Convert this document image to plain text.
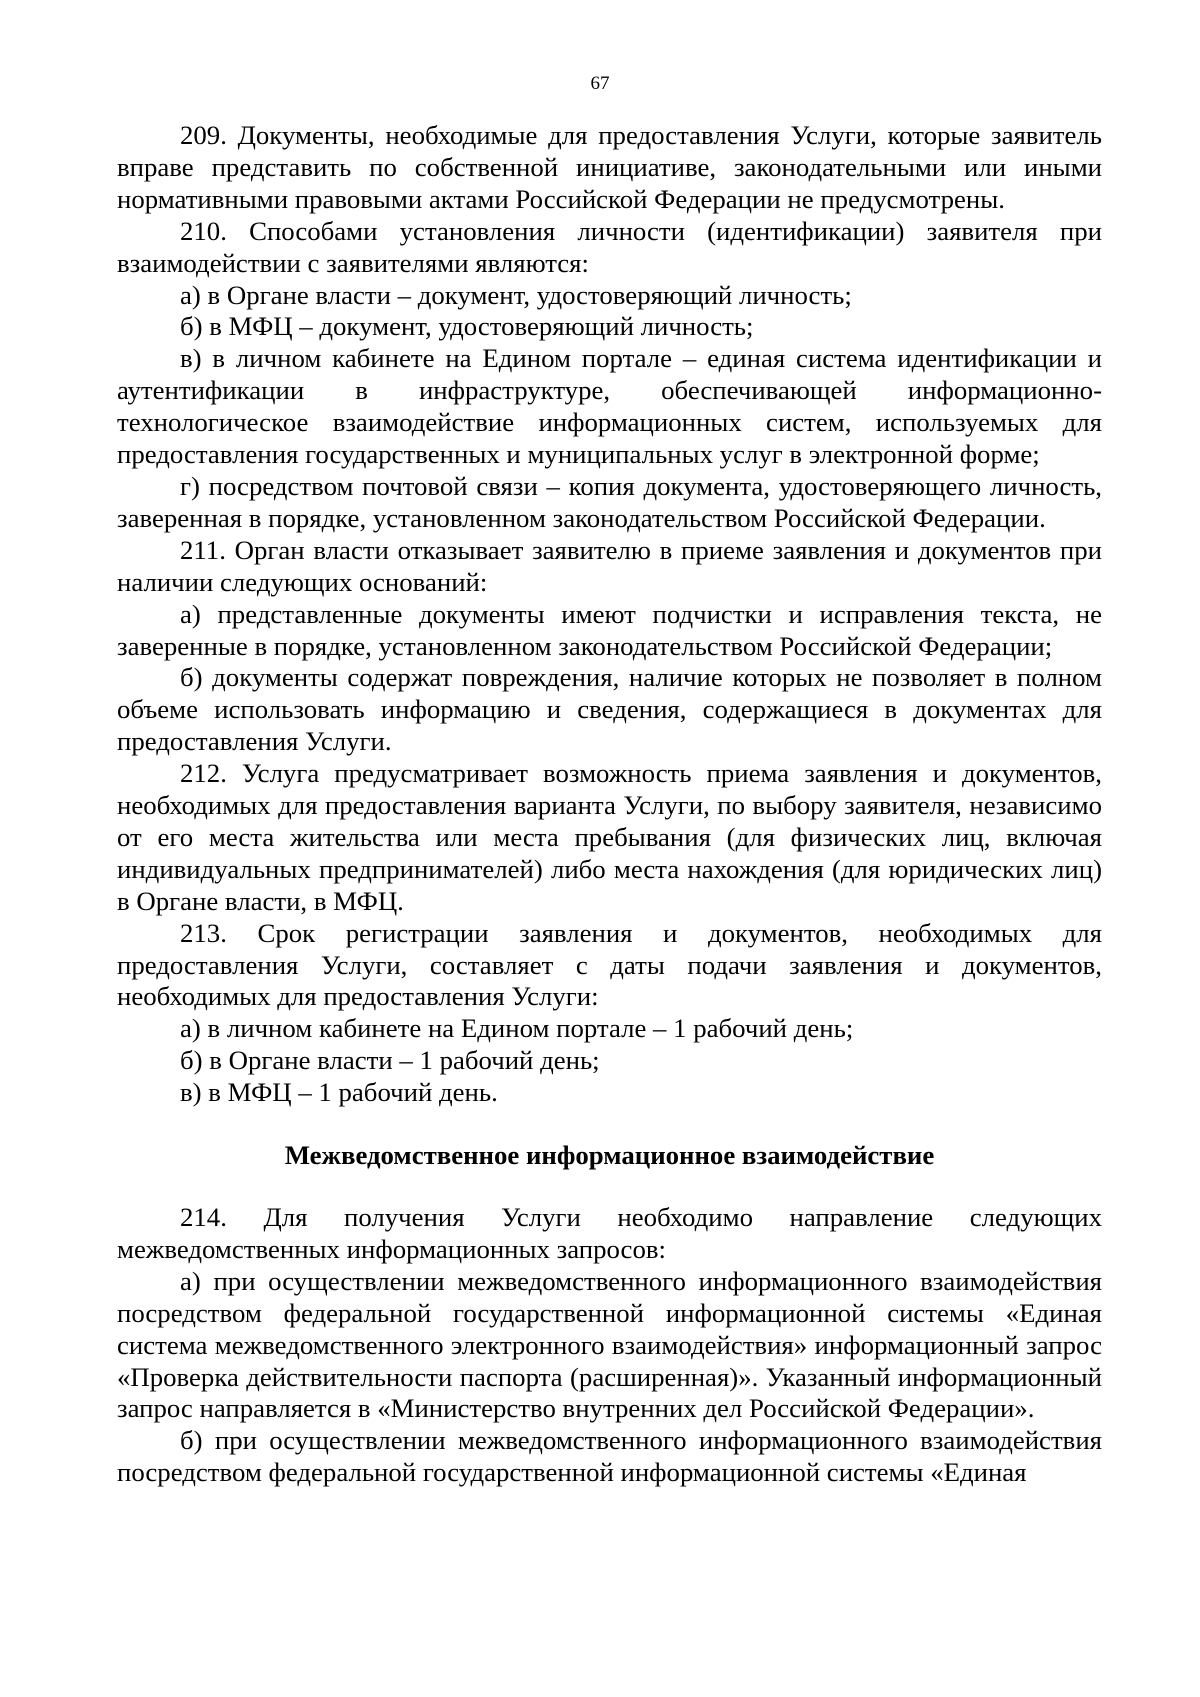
67

209. Документы, необходимые для предоставления Услуги, которые заявитель вправе представить по собственной инициативе, законодательными или иными нормативными правовыми актами Российской Федерации не предусмотрены.

210. Способами установления личности (идентификации) заявителя при взаимодействии с заявителями являются:

а) в Органе власти – документ, удостоверяющий личность;

б) в МФЦ – документ, удостоверяющий личность;

в) в личном кабинете на Едином портале – единая система идентификации и аутентификации в инфраструктуре, обеспечивающей информационно-технологическое взаимодействие информационных систем, используемых для предоставления государственных и муниципальных услуг в электронной форме;

г) посредством почтовой связи – копия документа, удостоверяющего личность, заверенная в порядке, установленном законодательством Российской Федерации.

211. Орган власти отказывает заявителю в приеме заявления и документов при наличии следующих оснований:

а) представленные документы имеют подчистки и исправления текста, не заверенные в порядке, установленном законодательством Российской Федерации;

б) документы содержат повреждения, наличие которых не позволяет в полном объеме использовать информацию и сведения, содержащиеся в документах для предоставления Услуги.

212. Услуга предусматривает возможность приема заявления и документов, необходимых для предоставления варианта Услуги, по выбору заявителя, независимо от его места жительства или места пребывания (для физических лиц, включая индивидуальных предпринимателей) либо места нахождения (для юридических лиц) в Органе власти, в МФЦ.

213. Срок регистрации заявления и документов, необходимых для предоставления Услуги, составляет с даты подачи заявления и документов, необходимых для предоставления Услуги:

а) в личном кабинете на Едином портале – 1 рабочий день;

б) в Органе власти – 1 рабочий день;

в) в МФЦ – 1 рабочий день.

Межведомственное информационное взаимодействие

214. Для получения Услуги необходимо направление следующих межведомственных информационных запросов:

а) при осуществлении межведомственного информационного взаимодействия посредством федеральной государственной информационной системы «Единая система межведомственного электронного взаимодействия» информационный запрос «Проверка действительности паспорта (расширенная)». Указанный информационный запрос направляется в «Министерство внутренних дел Российской Федерации».

б) при осуществлении межведомственного информационного взаимодействия посредством федеральной государственной информационной системы «Единая
